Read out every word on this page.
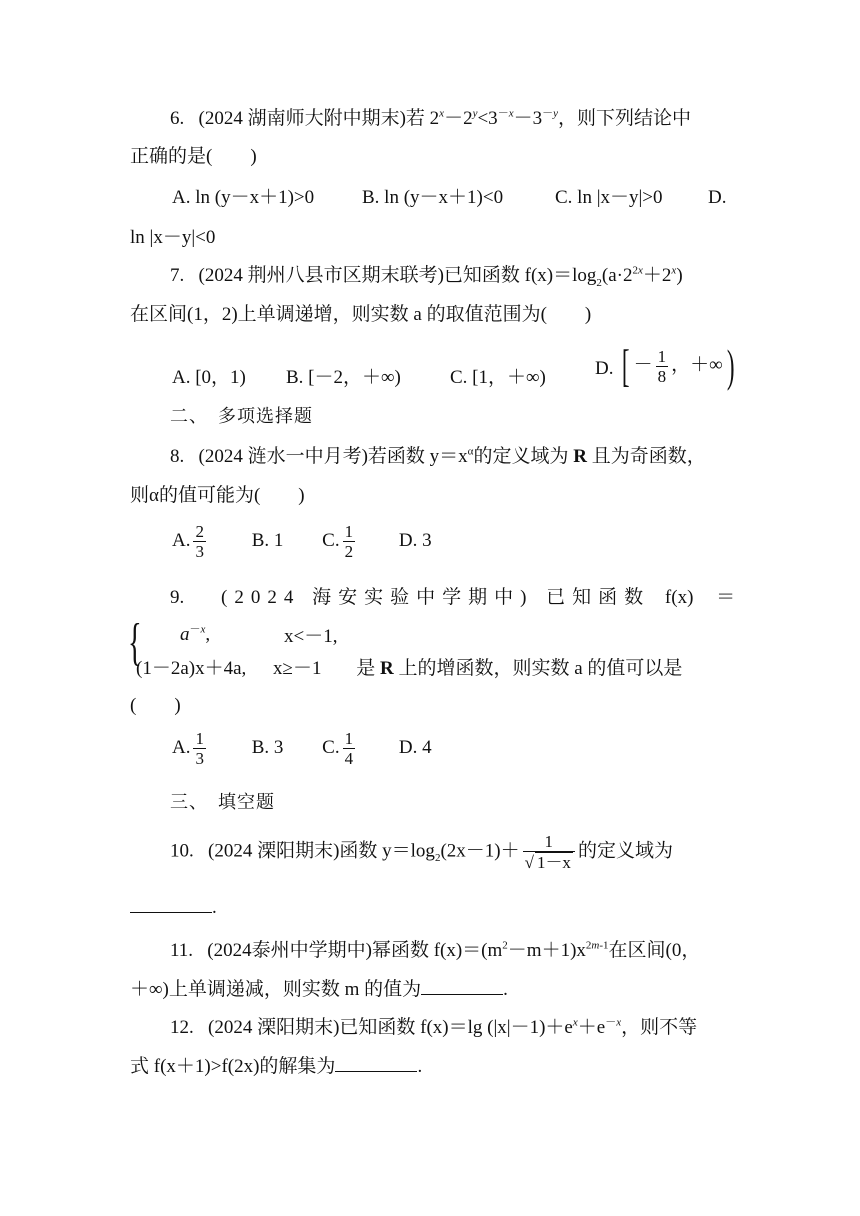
6. (2024 湖南师大附中期末)若 $2^x-2^y<3^{-x}-3^{-y}$，则下列结论中
正确的是(　　)
A. ln (y－x＋1)>0	B. ln (y－x＋1)<0	C. ln |x－y|>0 D.
ln |x－y|<0
7. (2024 荆州八县市区期末联考)已知函数 $f(x)=\log_2(a\cdot 2^{2x}+2^x)$
在区间(1，2)上单调递增，则实数 a 的取值范围为(　　)
A. [0，1) B. [－2，＋∞)	C. [1，＋∞)	D. [ － $\frac{1}{8}$ ，＋∞)
二、　多项选择题
8. (2024 涟水一中月考)若函数 $y=x^\alpha$的定义域为 R 且为奇函数，
则α的值可能为(　　)
A. $\frac{2}{3} B$. 1 C. $\frac{1}{2} D$. 3
9. (2024 海安实验中学期中) 已知函数 f(x) ＝
{ $a^{-x}$,	x<－1,
(1－2a)x＋4a, x≥－1 是 R 上的增函数，则实数 a 的值可以是
(　　)
A. $\frac{1}{3} B$. 3 C. $\frac{1}{4} D$. 4
三、　填空题
10. (2024 溧阳期末)函数 $y=\log_2(2x-1)+ \frac{1}{√ 1-x}$ 的定义域为
.
11. (2024泰州中学期中)幂函数 $f(x)=(m^2-m+1)x^{2m-1}$在区间(0，
＋∞)上单调递减，则实数 m 的值为	.
12. (2024 溧阳期末)已知函数 f(x)＝lg $(|x|-1)+e^x+e^{-x}$，则不等
式 f(x＋1)>f(2x)的解集为	.
